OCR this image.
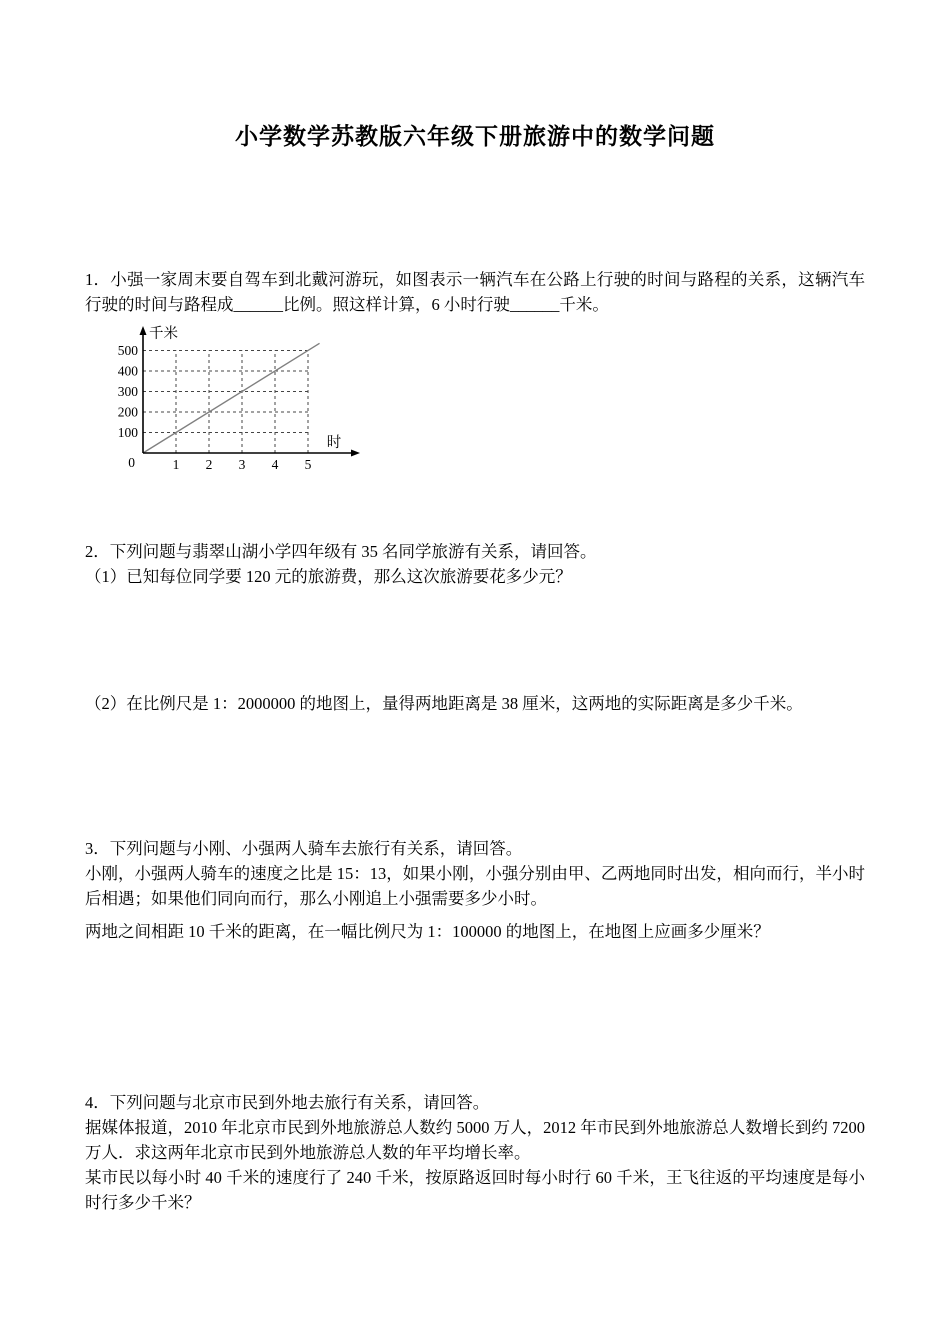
小学数学苏教版六年级下册旅游中的数学问题

1．小强一家周末要自驾车到北戴河游玩，如图表示一辆汽车在公路上行驶的时间与路程的关系，这辆汽车行驶的时间与路程成______比例。照这样计算，6 小时行驶______千米。

100
200
300
400
500
0	1 2 3 4 5
千米
时

2．下列问题与翡翠山湖小学四年级有 35 名同学旅游有关系，请回答。

（1）已知每位同学要 120 元的旅游费，那么这次旅游要花多少元？

（2）在比例尺是 1：2000000 的地图上，量得两地距离是 38 厘米，这两地的实际距离是多少千米。

3．下列问题与小刚、小强两人骑车去旅行有关系，请回答。

小刚，小强两人骑车的速度之比是 15：13，如果小刚，小强分别由甲、乙两地同时出发，相向而行，半小时后相遇；如果他们同向而行，那么小刚追上小强需要多少小时。

两地之间相距 10 千米的距离，在一幅比例尺为 1：100000 的地图上，在地图上应画多少厘米？

4．下列问题与北京市民到外地去旅行有关系，请回答。

据媒体报道，2010 年北京市民到外地旅游总人数约 5000 万人，2012 年市民到外地旅游总人数增长到约 7200 万人．求这两年北京市民到外地旅游总人数的年平均增长率。

某市民以每小时 40 千米的速度行了 240 千米，按原路返回时每小时行 60 千米，王飞往返的平均速度是每小时行多少千米？
